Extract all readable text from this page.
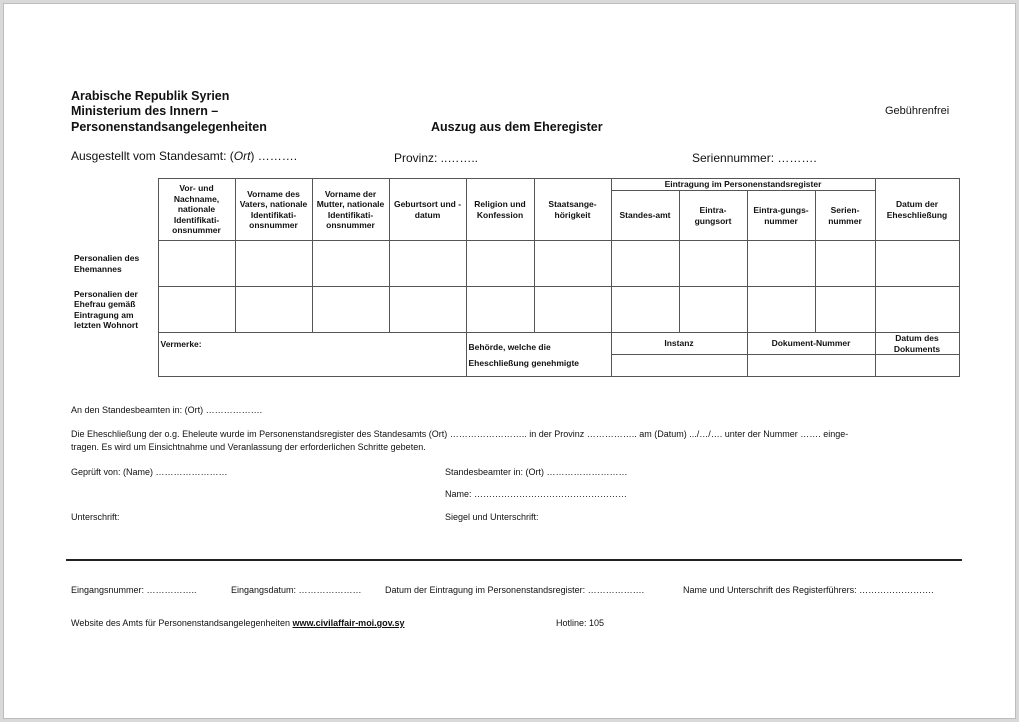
Arabische Republik Syrien
Ministerium des Innern –
Personenstandsangelegenheiten	Auszug aus dem Eheregister
Gebührenfrei
Ausgestellt vom Standesamt: (Ort) ……….	Provinz: ..……..	Seriennummer: ……….
	Vor- und Nachname, nationale Identifikati-onsnummer	Vorname des Vaters, nationale Identifikati-onsnummer	Vorname der Mutter, nationale Identifikati-onsnummer	Geburtsort und -datum	Religion und Konfession	Staatsange-hörigkeit	Eintragung im Personenstandsregister				Datum der Eheschließung
							Standes-amt	Eintra-gungsort	Eintra-gungs-nummer	Serien-nummer	
Personalien des Ehemannes											
Personalien der Ehefrau gemäß Eintragung am letzten Wohnort											
	Vermerke:				Behörde, welche die Eheschließung genehmigte		Instanz		Dokument-Nummer		Datum des Dokuments

An den Standesbeamten in: (Ort) ……………….
Die Eheschließung der o.g. Eheleute wurde im Personenstandsregister des Standesamts (Ort) …………………….. in der Provinz …………….. am (Datum) .../…/…. unter der Nummer ……. einge-
tragen. Es wird um Einsichtnahme und Veranlassung der erforderlichen Schritte gebeten.
Geprüft von: (Name) ……………………	Standesbeamter in: (Ort) ………………………
Name: ……………………………………………
Unterschrift:	Siegel und Unterschrift:
Eingangsnummer: ……………..	Eingangsdatum: …………………	Datum der Eintragung im Personenstandsregister: ……………….	Name und Unterschrift des Registerführers: …………………….
Website des Amts für Personenstandsangelegenheiten www.civilaffair-moi.gov.sy	Hotline: 105
